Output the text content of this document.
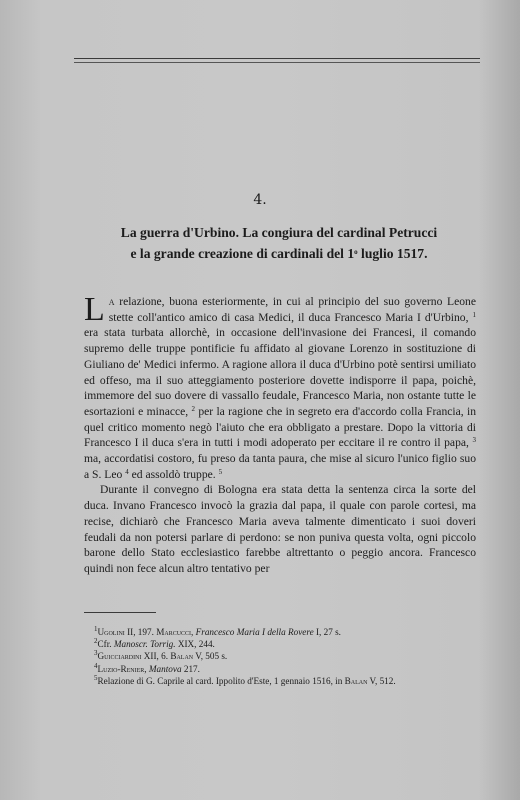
4.
La guerra d'Urbino. La congiura del cardinal Petrucci
e la grande creazione di cardinali del 1$^o$ luglio 1517.

La relazione, buona esteriormente, in cui al principio del suo governo Leone stette coll'antico amico di casa Medici, il duca Francesco Maria I d'Urbino, $^1$ era stata turbata allorchè, in occasione dell'invasione dei Francesi, il comando supremo delle truppe pontificie fu affidato al giovane Lorenzo in sostituzione di Giuliano de' Medici infermo. A ragione allora il duca d'Urbino potè sentirsi umiliato ed offeso, ma il suo atteggiamento posteriore dovette indisporre il papa, poichè, immemore del suo dovere di vassallo feudale, Francesco Maria, non ostante tutte le esortazioni e minacce, $^2$ per la ragione che in segreto era d'accordo colla Francia, in quel critico momento negò l'aiuto che era obbligato a prestare. Dopo la vittoria di Francesco I il duca s'era in tutti i modi adoperato per eccitare il re contro il papa, $^3$ ma, accordatisi costoro, fu preso da tanta paura, che mise al sicuro l'unico figlio suo a S. Leo $^4$ ed assoldò truppe. $^5$

Durante il convegno di Bologna era stata detta la sentenza circa la sorte del duca. Invano Francesco invocò la grazia dal papa, il quale con parole cortesi, ma recise, dichiarò che Francesco Maria aveva talmente dimenticato i suoi doveri feudali da non potersi parlare di perdono: se non puniva questa volta, ogni piccolo barone dello Stato ecclesiastico farebbe altrettanto o peggio ancora. Francesco quindi non fece alcun altro tentativo per

$^1$Ugolini II, 197. Marcucci, Francesco Maria I della Rovere I, 27 s.
$^2$Cfr. Manoscr. Torrig. XIX, 244.
$^3$Guicciardini XII, 6. Balan V, 505 s.
$^4$Luzio-Renier, Mantova 217.
$^5$Relazione di G. Caprile al card. Ippolito d'Este, 1 gennaio 1516, in Balan V, 512.
